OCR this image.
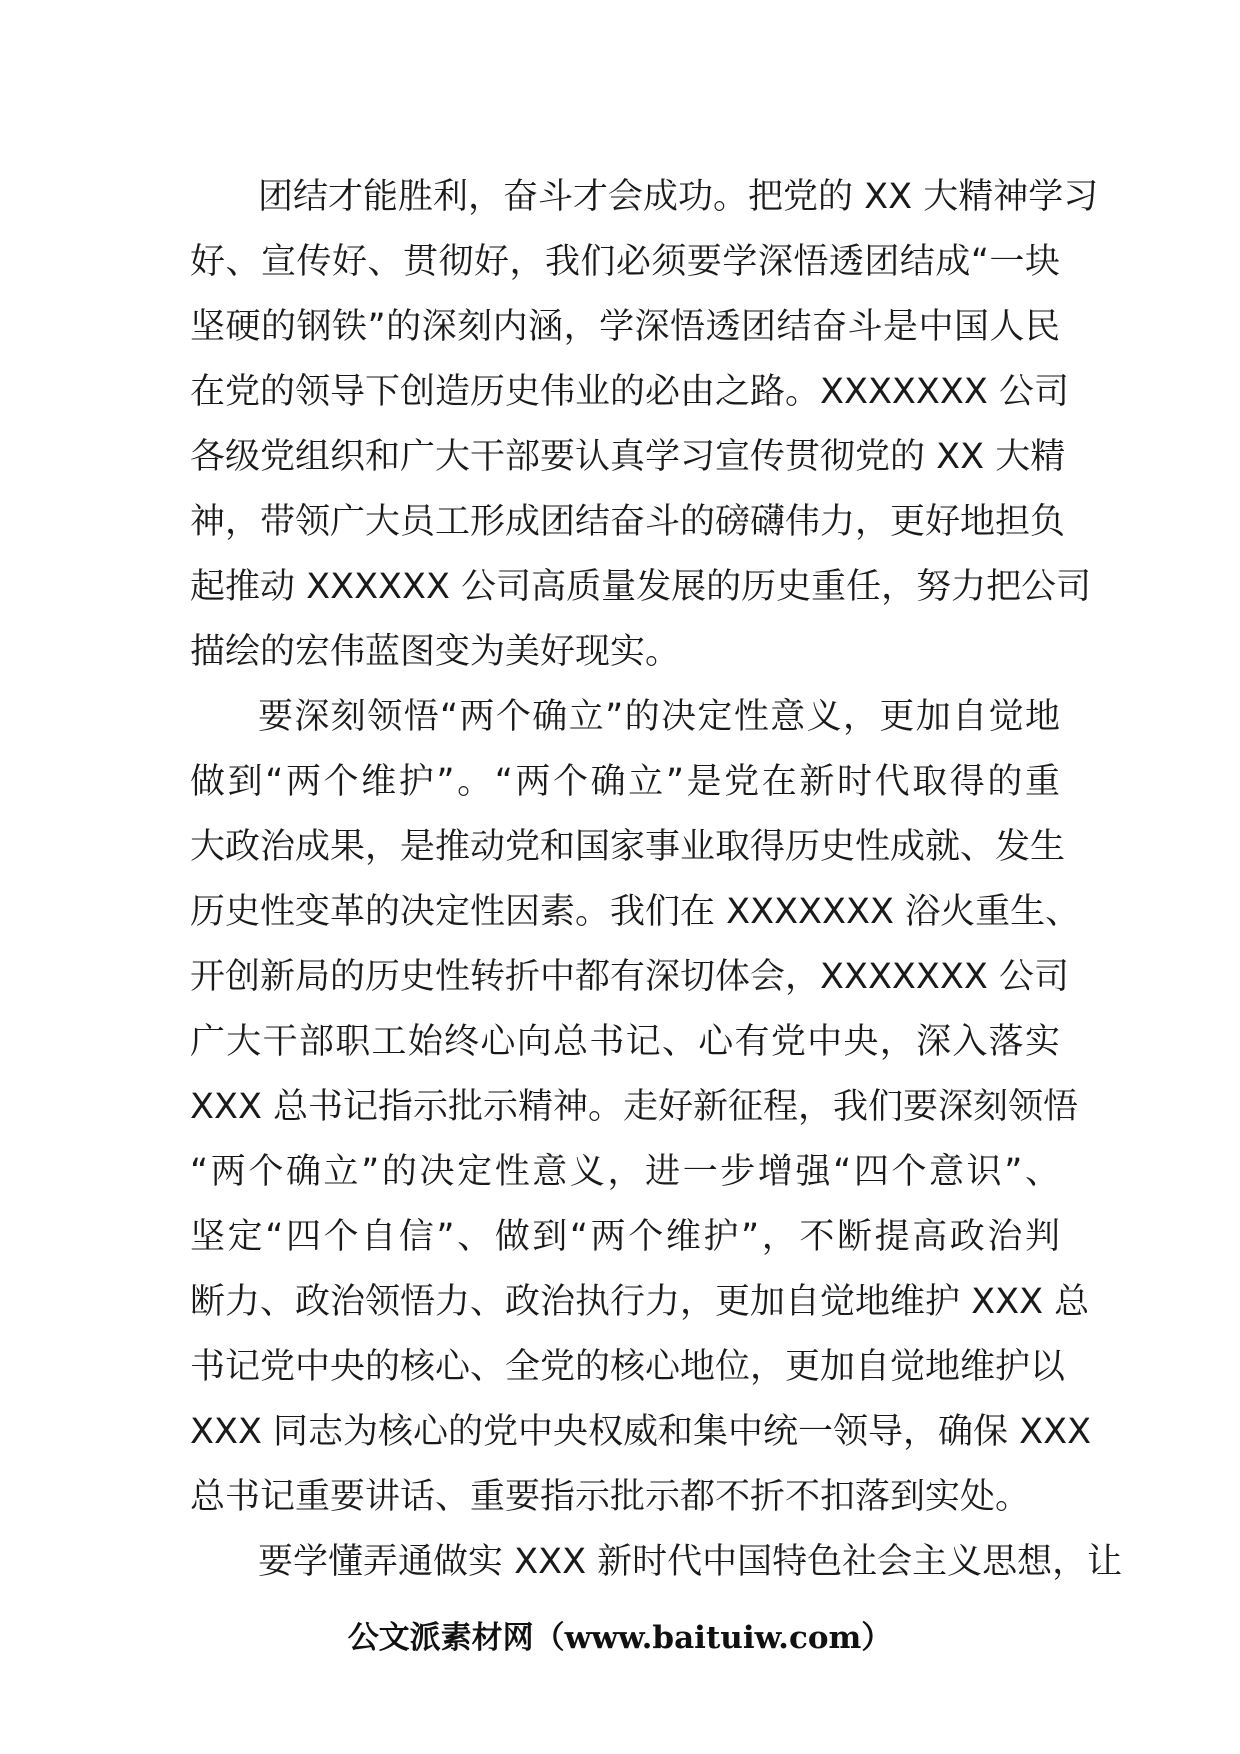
团结才能胜利，奋斗才会成功。把党的 XX 大精神学习
好、宣传好、贯彻好，我们必须要学深悟透团结成“一块
坚硬的钢铁”的深刻内涵，学深悟透团结奋斗是中国人民
在党的领导下创造历史伟业的必由之路。XXXXXXX 公司
各级党组织和广大干部要认真学习宣传贯彻党的 XX 大精
神，带领广大员工形成团结奋斗的磅礴伟力，更好地担负
起推动 XXXXXX 公司高质量发展的历史重任，努力把公司
描绘的宏伟蓝图变为美好现实。
要深刻领悟“两个确立”的决定性意义，更加自觉地
做到“两个维护”。“两个确立”是党在新时代取得的重
大政治成果，是推动党和国家事业取得历史性成就、发生
历史性变革的决定性因素。我们在 XXXXXXX 浴火重生、
开创新局的历史性转折中都有深切体会，XXXXXXX 公司
广大干部职工始终心向总书记、心有党中央，深入落实
XXX 总书记指示批示精神。走好新征程，我们要深刻领悟
“两个确立”的决定性意义，进一步增强“四个意识”、
坚定“四个自信”、做到“两个维护”，不断提高政治判
断力、政治领悟力、政治执行力，更加自觉地维护 XXX 总
书记党中央的核心、全党的核心地位，更加自觉地维护以
XXX 同志为核心的党中央权威和集中统一领导，确保 XXX
总书记重要讲话、重要指示批示都不折不扣落到实处。
要学懂弄通做实 XXX 新时代中国特色社会主义思想，让
公文派素材网（www.baituiw.com）
